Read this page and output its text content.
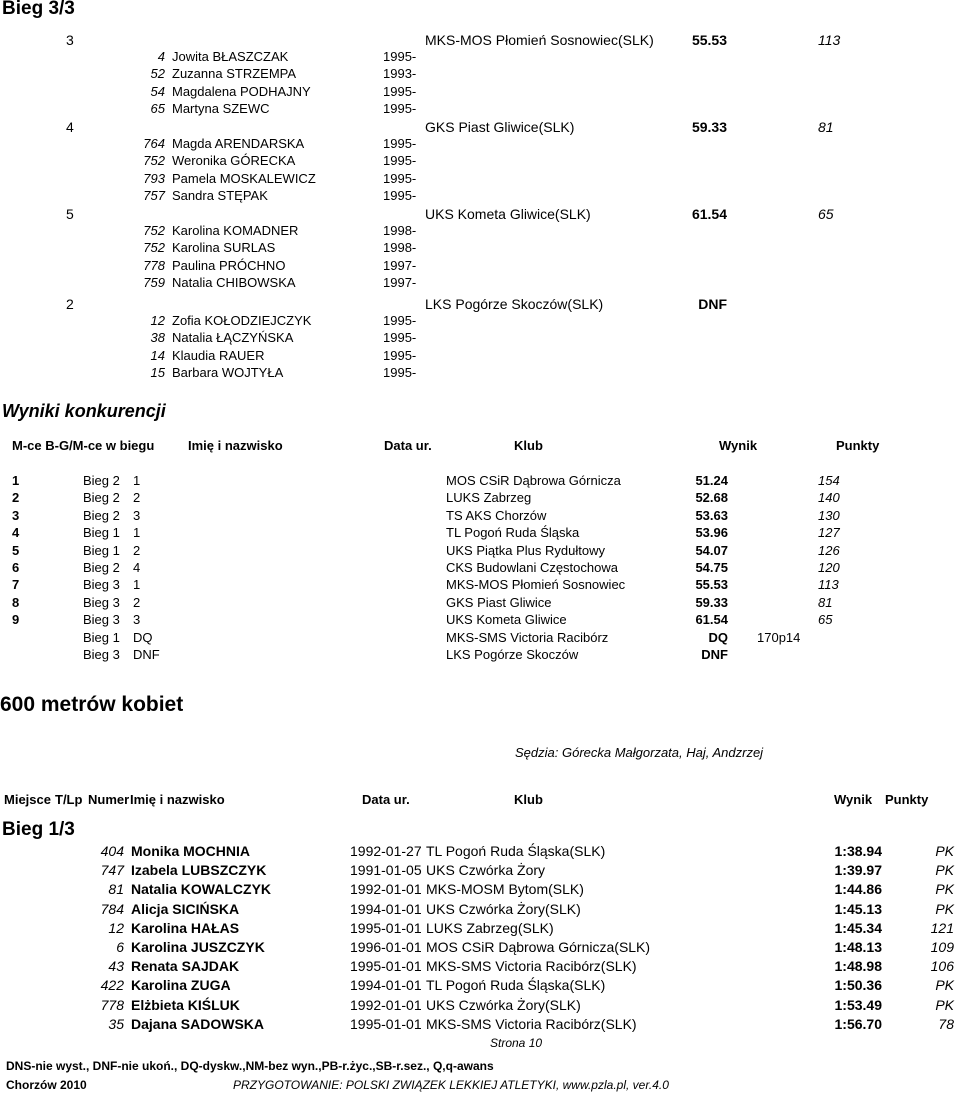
Bieg 3/3
3	MKS-MOS Płomień Sosnowiec(SLK)	55.53	113
4 Jowita BŁASZCZAK	1995-
52 Zuzanna STRZEMPA	1993-
54 Magdalena PODHAJNY	1995-
65 Martyna SZEWC	1995-
4	GKS Piast Gliwice(SLK)	59.33	81
764 Magda ARENDARSKA	1995-
752 Weronika GÓRECKA	1995-
793 Pamela MOSKALEWICZ	1995-
757 Sandra STĘPAK	1995-
5	UKS Kometa Gliwice(SLK)	61.54	65
752 Karolina KOMADNER	1998-
752 Karolina SURLAS	1998-
778 Paulina PRÓCHNO	1997-
759 Natalia CHIBOWSKA	1997-
2	LKS Pogórze Skoczów(SLK)	DNF
12 Zofia KOŁODZIEJCZYK	1995-
38 Natalia ŁĄCZYŃSKA	1995-
14 Klaudia RAUER	1995-
15 Barbara WOJTYŁA	1995-
Wyniki konkurencji
M-ce B-G/M-ce w biegu	Imię i nazwisko	Data ur.	Klub	Wynik	Punkty
1	Bieg 2 1	MOS CSiR Dąbrowa Górnicza	51.24	154
2	Bieg 2 2	LUKS Zabrzeg	52.68	140
3	Bieg 2 3	TS AKS Chorzów	53.63	130
4	Bieg 1 1	TL Pogoń Ruda Śląska	53.96	127
5	Bieg 1 2	UKS Piątka Plus Rydułtowy	54.07	126
6	Bieg 2 4	CKS Budowlani Częstochowa	54.75	120
7	Bieg 3 1	MKS-MOS Płomień Sosnowiec	55.53	113
8	Bieg 3 2	GKS Piast Gliwice	59.33	81
9	Bieg 3 3	UKS Kometa Gliwice	61.54	65
Bieg 1 DQ	MKS-SMS Victoria Racibórz	DQ 170p14
Bieg 3 DNF	LKS Pogórze Skoczów	DNF
600 metrów kobiet
Sędzia: Górecka Małgorzata, Haj, Andzrzej
Miejsce T/Lp Numer Imię i nazwisko	Data ur.	Klub	Wynik Punkty
Bieg 1/3
404 Monika MOCHNIA	1992-01-27 TL Pogoń Ruda Śląska(SLK)	1:38.94	PK
747 Izabela LUBSZCZYK	1991-01-05 UKS Czwórka Żory	1:39.97	PK
81 Natalia KOWALCZYK	1992-01-01 MKS-MOSM Bytom(SLK)	1:44.86	PK
784 Alicja SICIŃSKA	1994-01-01 UKS Czwórka Żory(SLK)	1:45.13	PK
12 Karolina HAŁAS	1995-01-01 LUKS Zabrzeg(SLK)	1:45.34	121
6 Karolina JUSZCZYK	1996-01-01 MOS CSiR Dąbrowa Górnicza(SLK)	1:48.13	109
43 Renata SAJDAK	1995-01-01 MKS-SMS Victoria Racibórz(SLK)	1:48.98	106
422 Karolina ZUGA	1994-01-01 TL Pogoń Ruda Śląska(SLK)	1:50.36	PK
778 Elżbieta KIŚLUK	1992-01-01 UKS Czwórka Żory(SLK)	1:53.49	PK
35 Dajana SADOWSKA	1995-01-01 MKS-SMS Victoria Racibórz(SLK)	1:56.70	78
Strona 10
DNS-nie wyst., DNF-nie ukoń., DQ-dyskw.,NM-bez wyn.,PB-r.życ.,SB-r.sez., Q,q-awans
Chorzów 2010	PRZYGOTOWANIE: POLSKI ZWIĄZEK LEKKIEJ ATLETYKI, www.pzla.pl, ver.4.0
